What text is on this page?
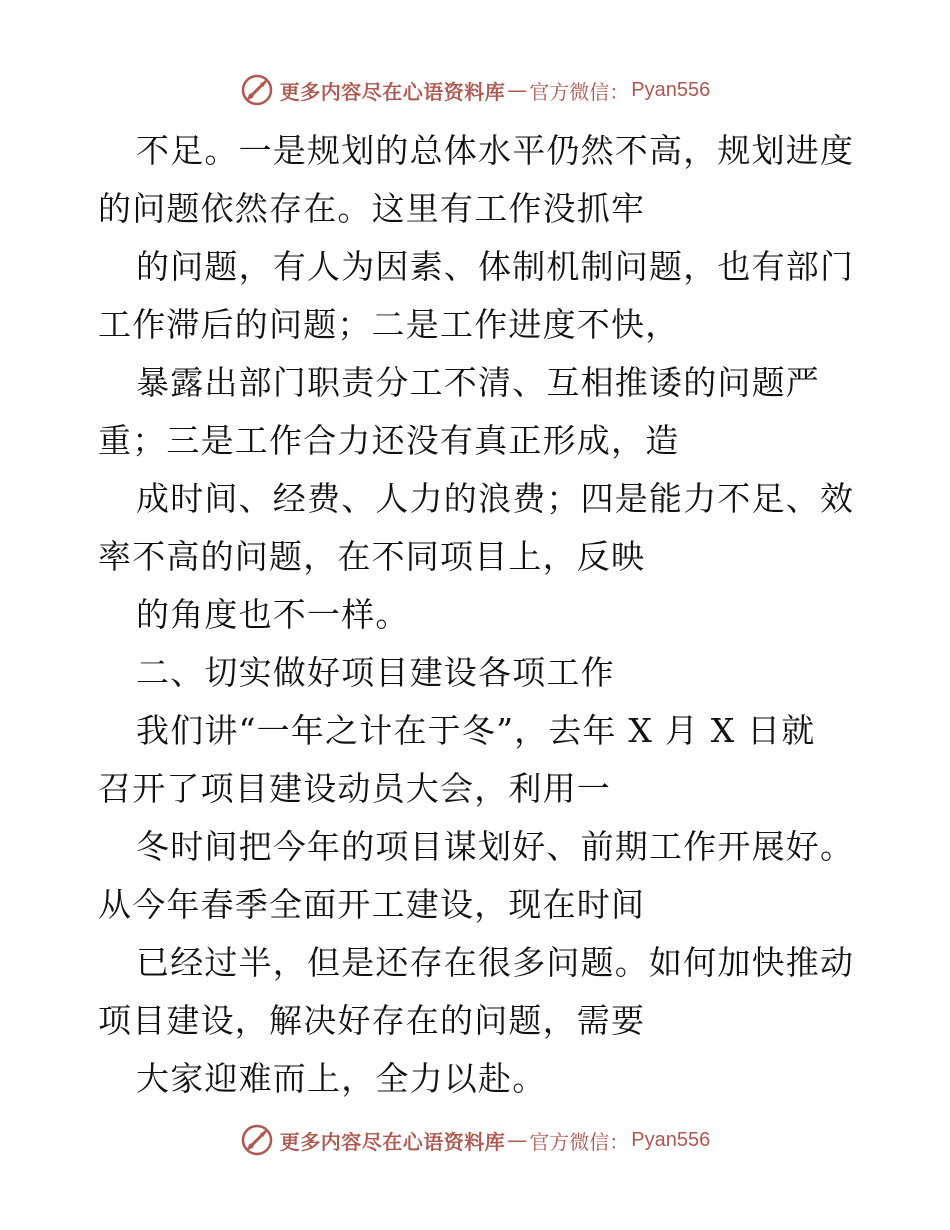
更多内容尽在心语资料库 — 官方微信： Pyan556

不足。一是规划的总体水平仍然不高，规划进度
的问题依然存在。这里有工作没抓牢

的问题，有人为因素、体制机制问题，也有部门
工作滞后的问题；二是工作进度不快，

暴露出部门职责分工不清、互相推诿的问题严
重；三是工作合力还没有真正形成，造

成时间、经费、人力的浪费；四是能力不足、效
率不高的问题，在不同项目上，反映

的角度也不一样。

二、切实做好项目建设各项工作

我们讲“一年之计在于冬”，去年 X 月 X 日就
召开了项目建设动员大会，利用一

冬时间把今年的项目谋划好、前期工作开展好。
从今年春季全面开工建设，现在时间

已经过半，但是还存在很多问题。如何加快推动
项目建设，解决好存在的问题，需要

大家迎难而上，全力以赴。

更多内容尽在心语资料库 — 官方微信： Pyan556
